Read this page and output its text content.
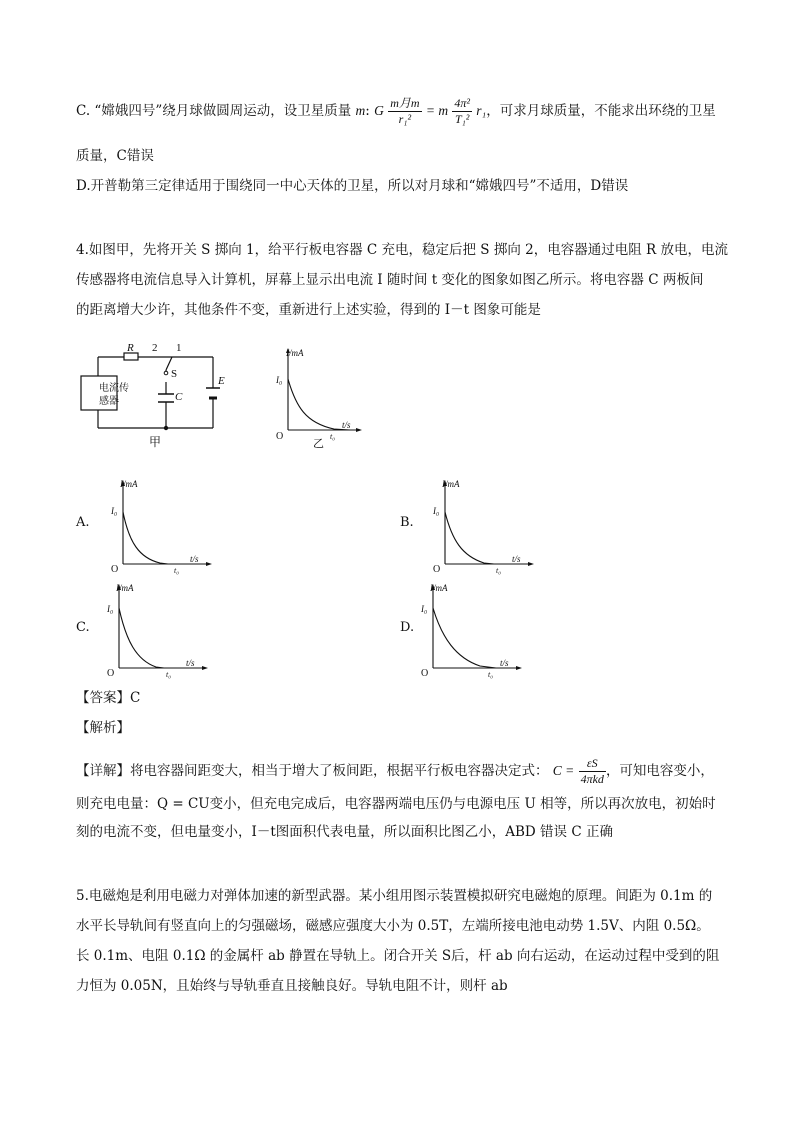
C. “嫦娥四号”绕月球做圆周运动，设卫星质量 m: G $\frac{\text{m月m}}{\text{r₁²}} = m \frac{\text{4π²}}{\text{T₁²}} r_1$，可求月球质量，不能求出环绕的卫星
质量，C错误
D.开普勒第三定律适用于围绕同一中心天体的卫星，所以对月球和“嫦娥四号”不适用，D错误
4.如图甲，先将开关 S 掷向 1，给平行板电容器 C 充电，稳定后把 S 掷向 2，电容器通过电阻 R 放电，电流
传感器将电流信息导入计算机，屏幕上显示出电流 I 随时间 t 变化的图象如图乙所示。将电容器 C 两板间
的距离增大少许，其他条件不变，重新进行上述实验，得到的 I－t 图象可能是
电流传
感器
R 2 1
S
C
E
甲
I/mA
I₀
O
t/s
t₀
乙
A.
I/mA
I₀
O
t/s
t₀
B.
I/mA
I₀
O
t/s
t₀
C.
I/mA
I₀
O
t/s
t₀
D.
I/mA
I₀
O
t/s
t₀
【答案】C
【解析】
【详解】将电容器间距变大，相当于增大了板间距，根据平行板电容器决定式： $C = \frac{\varepsilon S}{\text{4πkd}}$ ，可知电容变小，
则充电电量：Q = CU变小，但充电完成后，电容器两端电压仍与电源电压 U 相等，所以再次放电，初始时
刻的电流不变，但电量变小，I－t图面积代表电量，所以面积比图乙小，ABD 错误 C 正确
5.电磁炮是利用电磁力对弹体加速的新型武器。某小组用图示装置模拟研究电磁炮的原理。间距为 0.1m 的
水平长导轨间有竖直向上的匀强磁场，磁感应强度大小为 0.5T，左端所接电池电动势 1.5V、内阻 0.5Ω。
长 0.1m、电阻 0.1Ω 的金属杆 ab 静置在导轨上。闭合开关 S后，杆 ab 向右运动，在运动过程中受到的阻
力恒为 0.05N，且始终与导轨垂直且接触良好。导轨电阻不计，则杆 ab
